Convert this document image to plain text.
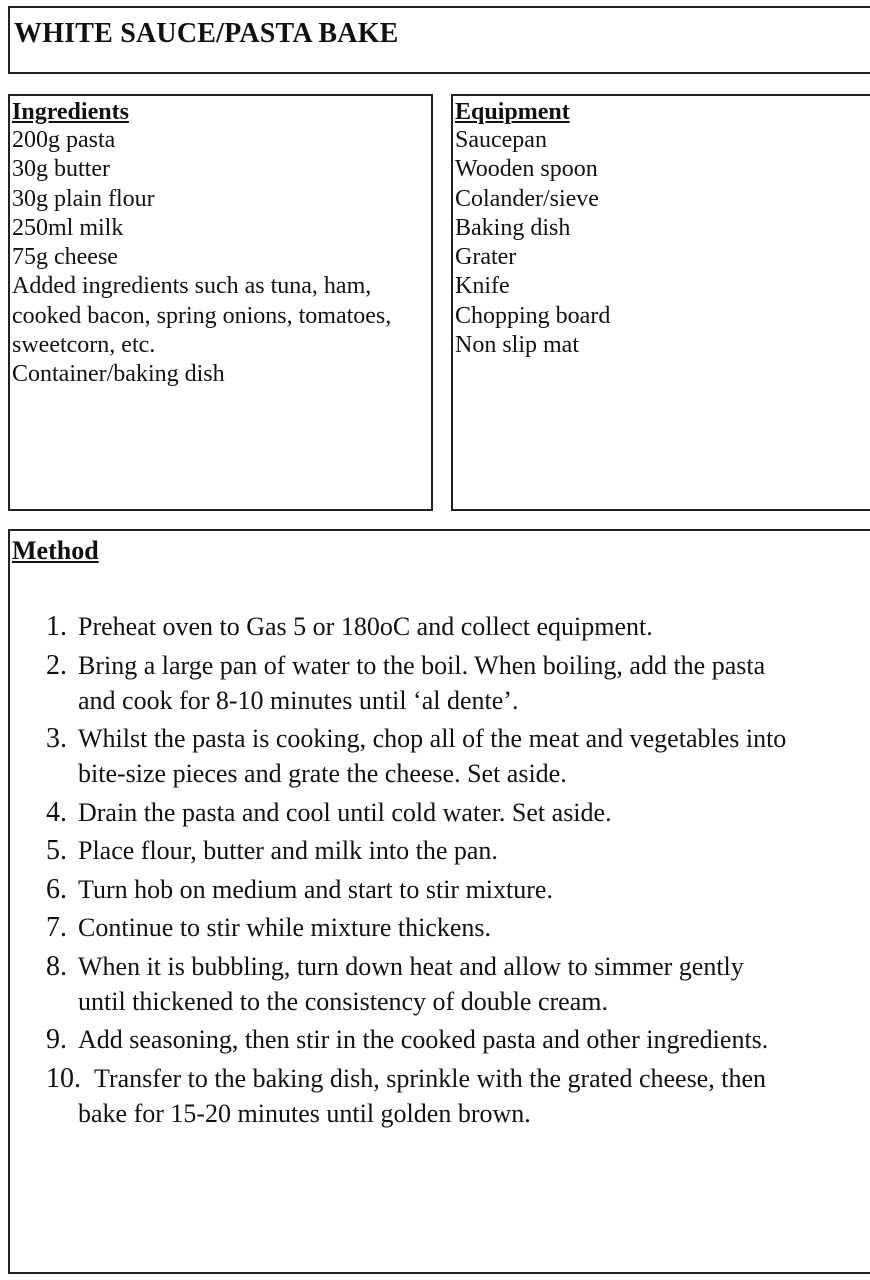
WHITE SAUCE/PASTA BAKE
Ingredients
200g pasta
30g butter
30g plain flour
250ml milk
75g cheese
Added ingredients such as tuna, ham,
cooked bacon, spring onions, tomatoes,
sweetcorn, etc.
Container/baking dish
Equipment
Saucepan
Wooden spoon
Colander/sieve
Baking dish
Grater
Knife
Chopping board
Non slip mat
Method
1. Preheat oven to Gas 5 or 180oC and collect equipment.
2. Bring a large pan of water to the boil. When boiling, add the pasta
and cook for 8-10 minutes until ‘al dente’.
3. Whilst the pasta is cooking, chop all of the meat and vegetables into
bite-size pieces and grate the cheese. Set aside.
4. Drain the pasta and cool until cold water. Set aside.
5. Place flour, butter and milk into the pan.
6. Turn hob on medium and start to stir mixture.
7. Continue to stir while mixture thickens.
8. When it is bubbling, turn down heat and allow to simmer gently
until thickened to the consistency of double cream.
9. Add seasoning, then stir in the cooked pasta and other ingredients.
10. Transfer to the baking dish, sprinkle with the grated cheese, then
bake for 15-20 minutes until golden brown.
